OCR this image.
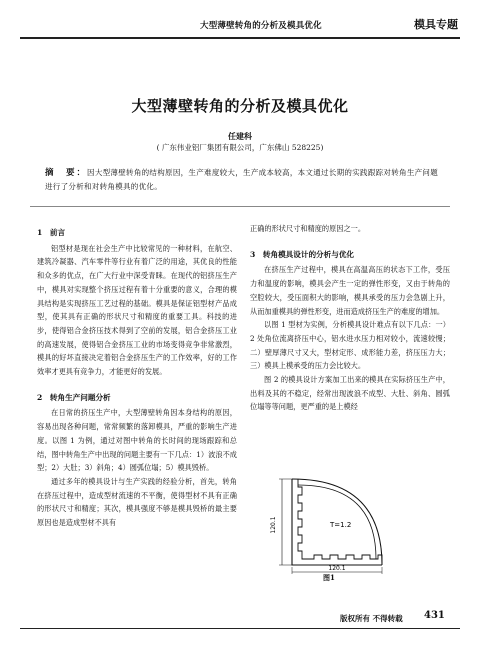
大型薄壁转角的分析及模具优化	模具专题
大型薄壁转角的分析及模具优化
任建科
( 广东伟业铝厂集团有限公司，广东佛山 528225)
摘　要：因大型薄壁转角的结构原因，生产难度较大，生产成本较高，本文通过长期的实践跟踪对转角生产问题进行了分析和对转角模具的优化。
1　前言
铝型材是现在社会生产中比较常见的一种材料，在航空、建筑冷凝器、汽车零件等行业有着广泛的用途，其优良的性能和众多的优点，在广大行业中深受青睐。在现代的铝挤压生产中，模具对实现整个挤压过程有着十分重要的意义，合理的模具结构是实现挤压工艺过程的基础。模具是保证铝型材产品成型，使其具有正确的形状尺寸和精度的重要工具。科技的进步，使得铝合金挤压技术得到了空前的发展，铝合金挤压工业的高速发展，使得铝合金挤压工业的市场变得竞争非常激烈，模具的好坏直接决定着铝合金挤压生产的工作效率，好的工作效率才更具有竞争力，才能更好的发展。
2　转角生产问题分析
在日常的挤压生产中，大型薄壁转角因本身结构的原因，容易出现各种问题，常常频繁的落卸模具，严重的影响生产进度。以图 1 为例，通过对图中转角的长时间的现场跟踪和总结，图中转角生产中出现的问题主要有一下几点：1）波浪不成型；2）大肚；3）斜角；4）圆弧位塌；5）模具毁桥。
通过多年的模具设计与生产实践的经验分析，首先，转角在挤压过程中，造成型材流速的不平衡，使得型材不具有正确的形状尺寸和精度；其次，模具强度不够是模具毁桥的最主要原因也是造成型材不具有
正确的形状尺寸和精度的原因之一。
3　转角模具设计的分析与优化
在挤压生产过程中，模具在高温高压的状态下工作，受压力和温度的影响，模具会产生一定的弹性形变，又由于转角的空腔较大，受压面积大的影响，模具承受的压力会急剧上升，从而加重模具的弹性形变，进而造成挤压生产的难度的增加。
以图 1 型材为实例，分析模具设计难点有以下几点：一）2 处角位流离挤压中心，铝水进水压力相对较小，流速较慢；二）壁厚薄尺寸又大，型材定形、成形能力差，挤压压力大；三）模具上模承受的压力会比较大。
图 2 的模具设计方案加工出来的模具在实际挤压生产中，出料及其的不稳定，经常出现波浪不成型、大肚、斜角、圆弧位塌等等问题，更严重的是上模经
120.1
120.1
T=1.2
图1
版权所有 不得转载 431
